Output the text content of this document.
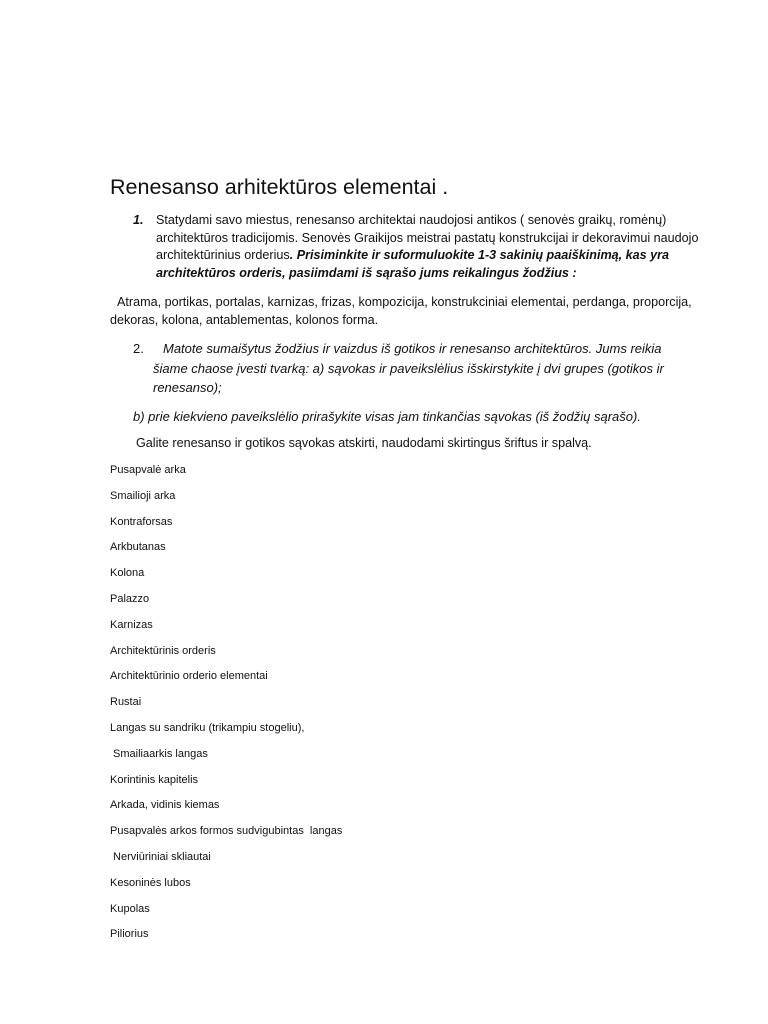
Renesanso arhitektūros elementai .
1. Statydami savo miestus, renesanso architektai naudojosi antikos ( senovės graikų, romėnų) architektūros tradicijomis. Senovės Graikijos meistrai pastatų konstrukcijai ir dekoravimui naudojo architektūrinius orderius. Prisiminkite ir suformuluokite 1-3 sakinių paaiškinimą, kas yra architektūros orderis, pasiimdami iš sąrašo jums reikalingus žodžius :
Atrama, portikas, portalas, karnizas, frizas, kompozicija, konstrukciniai elementai, perdanga, proporcija, dekoras, kolona, antablementas, kolonos forma.
2. Matote sumaišytus žodžius ir vaizdus iš gotikos ir renesanso architektūros. Jums reikia
šiame chaose įvesti tvarką: a) sąvokas ir paveikslėlius išskirstykite į dvi grupes (gotikos ir renesanso);
b) prie kiekvieno paveikslėlio prirašykite visas jam tinkančias sąvokas (iš žodžių sąrašo).
Galite renesanso ir gotikos sąvokas atskirti, naudodami skirtingus šriftus ir spalvą.
Pusapvalė arka
Smailioji arka
Kontraforsas
Arkbutanas
Kolona
Palazzo
Karnizas
Architektūrinis orderis
Architektūrinio orderio elementai
Rustai
Langas su sandriku (trikampiu stogeliu),
Smailiaarkis langas
Korintinis kapitelis
Arkada, vidinis kiemas
Pusapvalės arkos formos sudvigubintas  langas
Nervіūriniai skliautai
Kesoninės lubos
Kupolas
Piliorius
